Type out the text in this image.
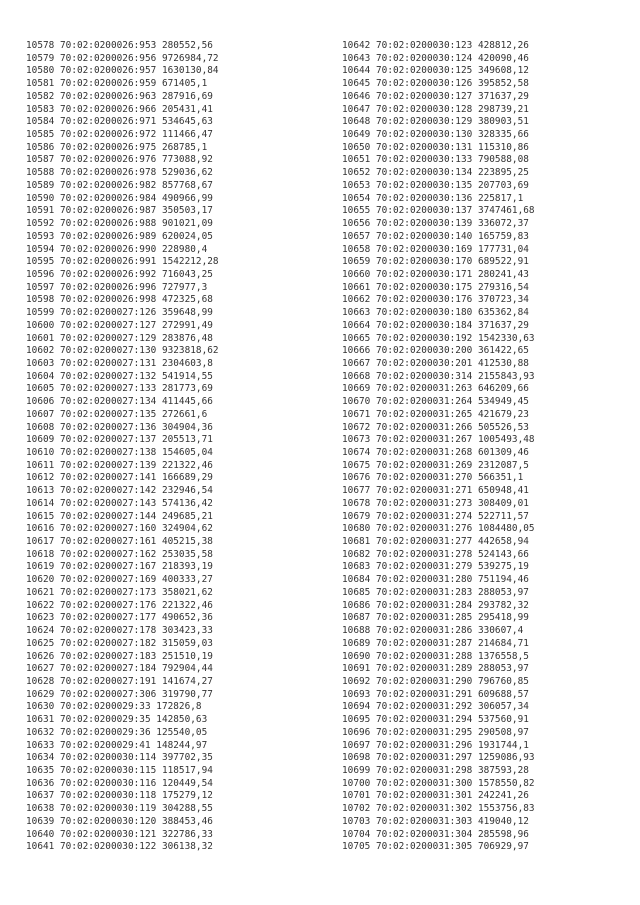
10578 70:02:0200026:953 280552,56
10579 70:02:0200026:956 9726984,72
10580 70:02:0200026:957 1630130,84
10581 70:02:0200026:959 671405,1
10582 70:02:0200026:963 287916,69
10583 70:02:0200026:966 205431,41
10584 70:02:0200026:971 534645,63
10585 70:02:0200026:972 111466,47
10586 70:02:0200026:975 268785,1
10587 70:02:0200026:976 773088,92
10588 70:02:0200026:978 529036,62
10589 70:02:0200026:982 857768,67
10590 70:02:0200026:984 490966,99
10591 70:02:0200026:987 350503,17
10592 70:02:0200026:988 901021,09
10593 70:02:0200026:989 620024,05
10594 70:02:0200026:990 228980,4
10595 70:02:0200026:991 1542212,28
10596 70:02:0200026:992 716043,25
10597 70:02:0200026:996 727977,3
10598 70:02:0200026:998 472325,68
10599 70:02:0200027:126 359648,99
10600 70:02:0200027:127 272991,49
10601 70:02:0200027:129 283876,48
10602 70:02:0200027:130 9323818,62
10603 70:02:0200027:131 2304603,8
10604 70:02:0200027:132 541914,55
10605 70:02:0200027:133 281773,69
10606 70:02:0200027:134 411445,66
10607 70:02:0200027:135 272661,6
10608 70:02:0200027:136 304904,36
10609 70:02:0200027:137 205513,71
10610 70:02:0200027:138 154605,04
10611 70:02:0200027:139 221322,46
10612 70:02:0200027:141 166689,29
10613 70:02:0200027:142 232946,54
10614 70:02:0200027:143 574136,42
10615 70:02:0200027:144 249685,21
10616 70:02:0200027:160 324904,62
10617 70:02:0200027:161 405215,38
10618 70:02:0200027:162 253035,58
10619 70:02:0200027:167 218393,19
10620 70:02:0200027:169 400333,27
10621 70:02:0200027:173 358021,62
10622 70:02:0200027:176 221322,46
10623 70:02:0200027:177 490652,36
10624 70:02:0200027:178 303423,33
10625 70:02:0200027:182 315059,03
10626 70:02:0200027:183 251510,19
10627 70:02:0200027:184 792904,44
10628 70:02:0200027:191 141674,27
10629 70:02:0200027:306 319790,77
10630 70:02:0200029:33 172826,8
10631 70:02:0200029:35 142850,63
10632 70:02:0200029:36 125540,05
10633 70:02:0200029:41 148244,97
10634 70:02:0200030:114 397702,35
10635 70:02:0200030:115 118517,94
10636 70:02:0200030:116 120449,54
10637 70:02:0200030:118 175279,12
10638 70:02:0200030:119 304288,55
10639 70:02:0200030:120 388453,46
10640 70:02:0200030:121 322786,33
10641 70:02:0200030:122 306138,32
10642 70:02:0200030:123 428812,26
10643 70:02:0200030:124 420090,46
10644 70:02:0200030:125 349608,12
10645 70:02:0200030:126 395852,58
10646 70:02:0200030:127 371637,29
10647 70:02:0200030:128 298739,21
10648 70:02:0200030:129 380903,51
10649 70:02:0200030:130 328335,66
10650 70:02:0200030:131 115310,86
10651 70:02:0200030:133 790588,08
10652 70:02:0200030:134 223895,25
10653 70:02:0200030:135 207703,69
10654 70:02:0200030:136 225817,1
10655 70:02:0200030:137 3747461,68
10656 70:02:0200030:139 336072,37
10657 70:02:0200030:140 165759,83
10658 70:02:0200030:169 177731,04
10659 70:02:0200030:170 689522,91
10660 70:02:0200030:171 280241,43
10661 70:02:0200030:175 279316,54
10662 70:02:0200030:176 370723,34
10663 70:02:0200030:180 635362,84
10664 70:02:0200030:184 371637,29
10665 70:02:0200030:192 1542330,63
10666 70:02:0200030:200 361422,65
10667 70:02:0200030:201 412530,88
10668 70:02:0200030:314 2155843,93
10669 70:02:0200031:263 646209,66
10670 70:02:0200031:264 534949,45
10671 70:02:0200031:265 421679,23
10672 70:02:0200031:266 505526,53
10673 70:02:0200031:267 1005493,48
10674 70:02:0200031:268 601309,46
10675 70:02:0200031:269 2312087,5
10676 70:02:0200031:270 566351,1
10677 70:02:0200031:271 650948,41
10678 70:02:0200031:273 308409,01
10679 70:02:0200031:274 522711,57
10680 70:02:0200031:276 1084480,05
10681 70:02:0200031:277 442658,94
10682 70:02:0200031:278 524143,66
10683 70:02:0200031:279 539275,19
10684 70:02:0200031:280 751194,46
10685 70:02:0200031:283 288053,97
10686 70:02:0200031:284 293782,32
10687 70:02:0200031:285 295418,99
10688 70:02:0200031:286 330607,4
10689 70:02:0200031:287 214684,71
10690 70:02:0200031:288 1376558,5
10691 70:02:0200031:289 288053,97
10692 70:02:0200031:290 796760,85
10693 70:02:0200031:291 609688,57
10694 70:02:0200031:292 306057,34
10695 70:02:0200031:294 537560,91
10696 70:02:0200031:295 290508,97
10697 70:02:0200031:296 1931744,1
10698 70:02:0200031:297 1259086,93
10699 70:02:0200031:298 387593,28
10700 70:02:0200031:300 1578550,82
10701 70:02:0200031:301 242241,26
10702 70:02:0200031:302 1553756,83
10703 70:02:0200031:303 419040,12
10704 70:02:0200031:304 285598,96
10705 70:02:0200031:305 706929,97
